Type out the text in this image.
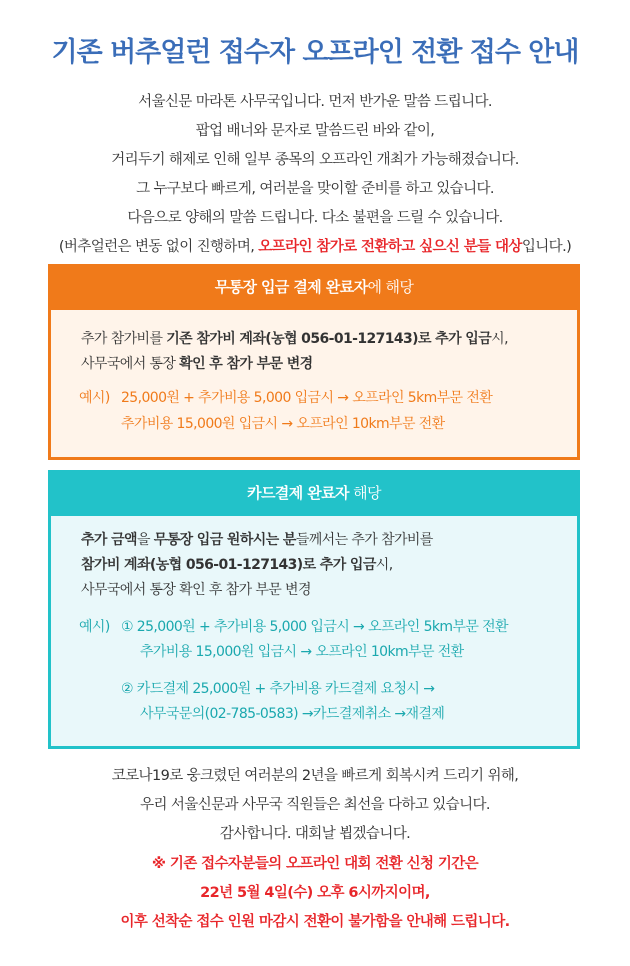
기존 버추얼런 접수자 오프라인 전환 접수 안내
서울신문 마라톤 사무국입니다. 먼저 반가운 말씀 드립니다.
팝업 배너와 문자로 말씀드린 바와 같이,
거리두기 해제로 인해 일부 종목의 오프라인 개최가 가능해졌습니다.
그 누구보다 빠르게, 여러분을 맞이할 준비를 하고 있습니다.
다음으로 양해의 말씀 드립니다. 다소 불편을 드릴 수 있습니다.
(버추얼런은 변동 없이 진행하며, 오프라인 참가로 전환하고 싶으신 분들 대상입니다.)
무통장 입금 결제 완료자에 해당
추가 참가비를 기존 참가비 계좌(농협 056-01-127143)로 추가 입금시,
사무국에서 통장 확인 후 참가 부문 변경
예시) 25,000원 + 추가비용 5,000 입금시 → 오프라인 5km부문 전환
추가비용 15,000원 입금시 → 오프라인 10km부문 전환
카드결제 완료자 해당
추가 금액을 무통장 입금 원하시는 분들께서는 추가 참가비를
참가비 계좌(농협 056-01-127143)로 추가 입금시,
사무국에서 통장 확인 후 참가 부문 변경
예시) ① 25,000원 + 추가비용 5,000 입금시 → 오프라인 5km부문 전환
추가비용 15,000원 입금시 → 오프라인 10km부문 전환
② 카드결제 25,000원 + 추가비용 카드결제 요청시 →
사무국문의(02-785-0583) →카드결제취소 →재결제
코로나19로 웅크렸던 여러분의 2년을 빠르게 회복시켜 드리기 위해,
우리 서울신문과 사무국 직원들은 최선을 다하고 있습니다.
감사합니다. 대회날 뵙겠습니다.
※ 기존 접수자분들의 오프라인 대회 전환 신청 기간은
22년 5월 4일(수) 오후 6시까지이며,
이후 선착순 접수 인원 마감시 전환이 불가함을 안내해 드립니다.
